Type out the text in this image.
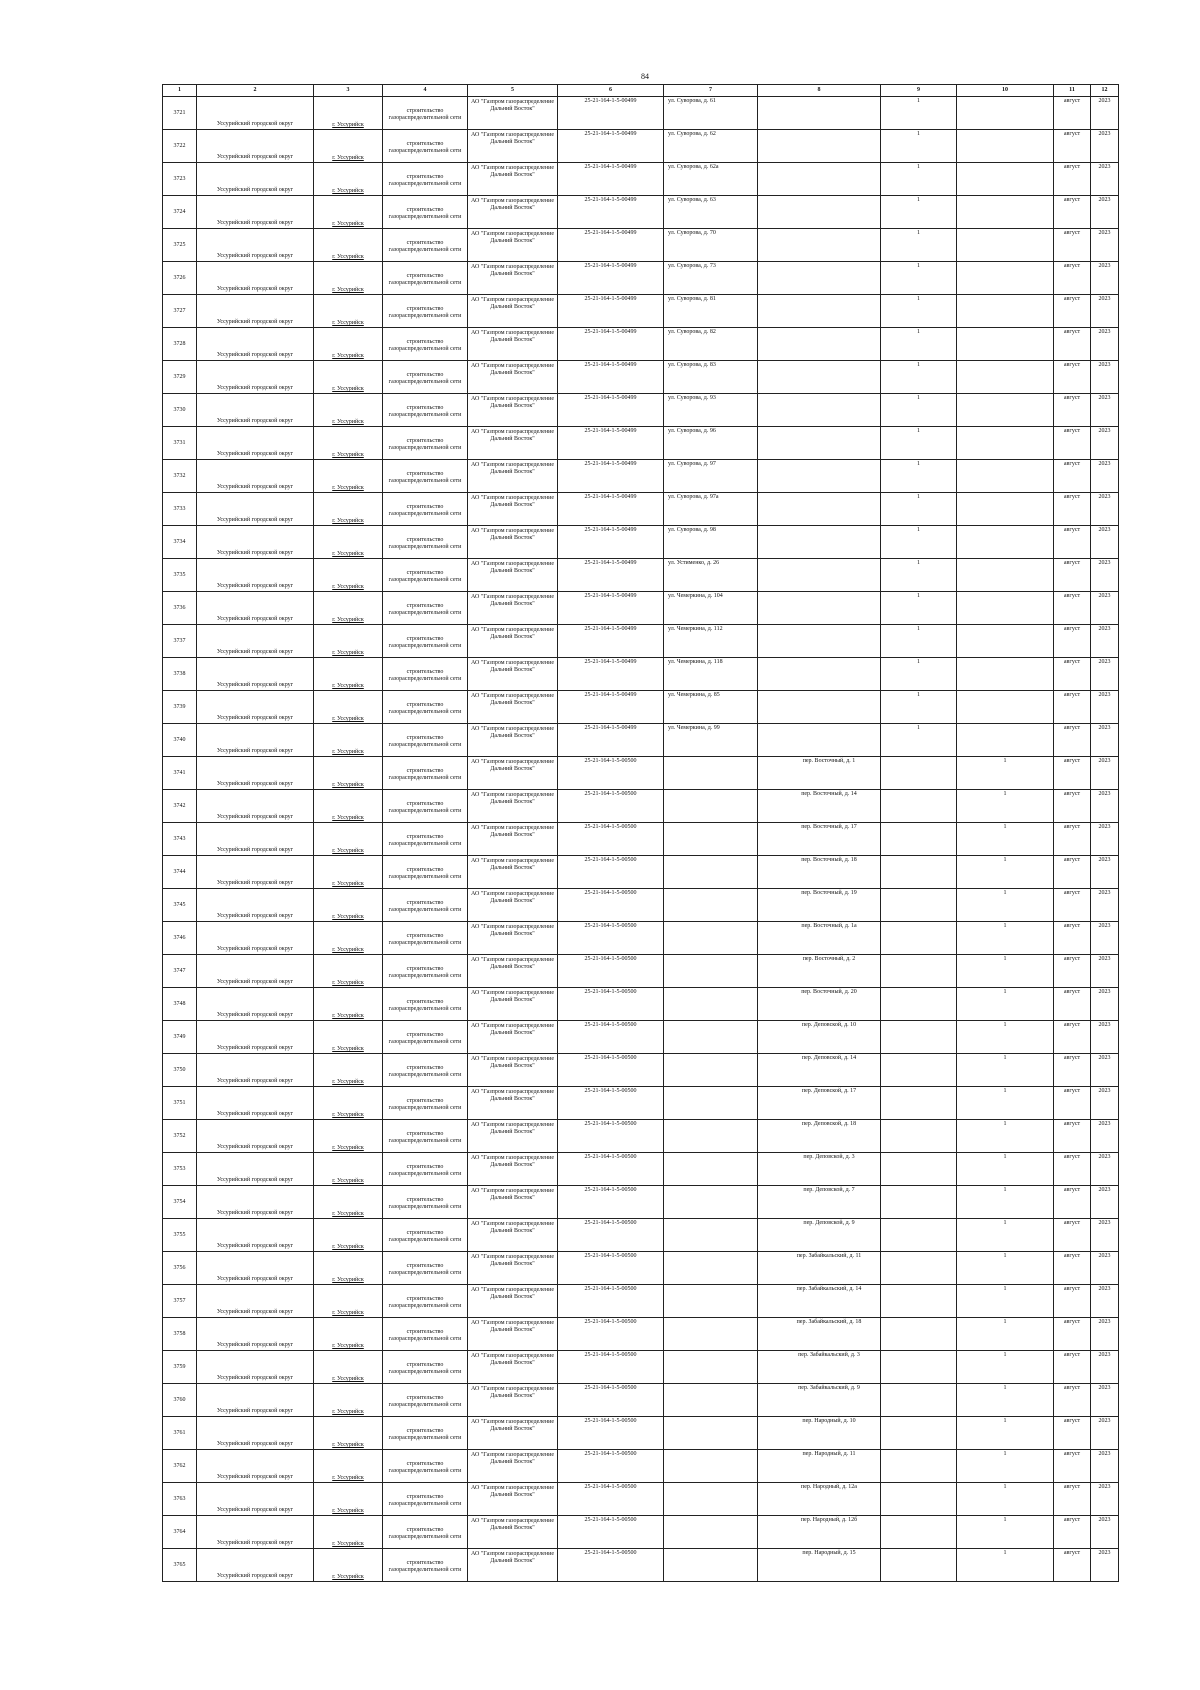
84
1	2	3	4	5	6	7	8	9	10	11	12
3721	Уссурийский городской округ	г. Уссурийск	строительство газораспределительной сети	АО "Газпром газораспределение Дальний Восток"	25-21-164-1-5-00499	ул. Суворова, д. 61		1		август	2023
3722	Уссурийский городской округ	г. Уссурийск	строительство газораспределительной сети	АО "Газпром газораспределение Дальний Восток"	25-21-164-1-5-00499	ул. Суворова, д. 62		1		август	2023
3723	Уссурийский городской округ	г. Уссурийск	строительство газораспределительной сети	АО "Газпром газораспределение Дальний Восток"	25-21-164-1-5-00499	ул. Суворова, д. 62а		1		август	2023
3724	Уссурийский городской округ	г. Уссурийск	строительство газораспределительной сети	АО "Газпром газораспределение Дальний Восток"	25-21-164-1-5-00499	ул. Суворова, д. 63		1		август	2023
3725	Уссурийский городской округ	г. Уссурийск	строительство газораспределительной сети	АО "Газпром газораспределение Дальний Восток"	25-21-164-1-5-00499	ул. Суворова, д. 70		1		август	2023
3726	Уссурийский городской округ	г. Уссурийск	строительство газораспределительной сети	АО "Газпром газораспределение Дальний Восток"	25-21-164-1-5-00499	ул. Суворова, д. 73		1		август	2023
3727	Уссурийский городской округ	г. Уссурийск	строительство газораспределительной сети	АО "Газпром газораспределение Дальний Восток"	25-21-164-1-5-00499	ул. Суворова, д. 81		1		август	2023
3728	Уссурийский городской округ	г. Уссурийск	строительство газораспределительной сети	АО "Газпром газораспределение Дальний Восток"	25-21-164-1-5-00499	ул. Суворова, д. 82		1		август	2023
3729	Уссурийский городской округ	г. Уссурийск	строительство газораспределительной сети	АО "Газпром газораспределение Дальний Восток"	25-21-164-1-5-00499	ул. Суворова, д. 83		1		август	2023
3730	Уссурийский городской округ	г. Уссурийск	строительство газораспределительной сети	АО "Газпром газораспределение Дальний Восток"	25-21-164-1-5-00499	ул. Суворова, д. 93		1		август	2023
3731	Уссурийский городской округ	г. Уссурийск	строительство газораспределительной сети	АО "Газпром газораспределение Дальний Восток"	25-21-164-1-5-00499	ул. Суворова, д. 96		1		август	2023
3732	Уссурийский городской округ	г. Уссурийск	строительство газораспределительной сети	АО "Газпром газораспределение Дальний Восток"	25-21-164-1-5-00499	ул. Суворова, д. 97		1		август	2023
3733	Уссурийский городской округ	г. Уссурийск	строительство газораспределительной сети	АО "Газпром газораспределение Дальний Восток"	25-21-164-1-5-00499	ул. Суворова, д. 97а		1		август	2023
3734	Уссурийский городской округ	г. Уссурийск	строительство газораспределительной сети	АО "Газпром газораспределение Дальний Восток"	25-21-164-1-5-00499	ул. Суворова, д. 98		1		август	2023
3735	Уссурийский городской округ	г. Уссурийск	строительство газораспределительной сети	АО "Газпром газораспределение Дальний Восток"	25-21-164-1-5-00499	ул. Устименко, д. 26		1		август	2023
3736	Уссурийский городской округ	г. Уссурийск	строительство газораспределительной сети	АО "Газпром газораспределение Дальний Восток"	25-21-164-1-5-00499	ул. Чемеркина, д. 104		1		август	2023
3737	Уссурийский городской округ	г. Уссурийск	строительство газораспределительной сети	АО "Газпром газораспределение Дальний Восток"	25-21-164-1-5-00499	ул. Чемеркина, д. 112		1		август	2023
3738	Уссурийский городской округ	г. Уссурийск	строительство газораспределительной сети	АО "Газпром газораспределение Дальний Восток"	25-21-164-1-5-00499	ул. Чемеркина, д. 118		1		август	2023
3739	Уссурийский городской округ	г. Уссурийск	строительство газораспределительной сети	АО "Газпром газораспределение Дальний Восток"	25-21-164-1-5-00499	ул. Чемеркина, д. 85		1		август	2023
3740	Уссурийский городской округ	г. Уссурийск	строительство газораспределительной сети	АО "Газпром газораспределение Дальний Восток"	25-21-164-1-5-00499	ул. Чемеркина, д. 99		1		август	2023
3741	Уссурийский городской округ	г. Уссурийск	строительство газораспределительной сети	АО "Газпром газораспределение Дальний Восток"	25-21-164-1-5-00500		пер. Восточный, д. 1		1	август	2023
3742	Уссурийский городской округ	г. Уссурийск	строительство газораспределительной сети	АО "Газпром газораспределение Дальний Восток"	25-21-164-1-5-00500		пер. Восточный, д. 14		1	август	2023
3743	Уссурийский городской округ	г. Уссурийск	строительство газораспределительной сети	АО "Газпром газораспределение Дальний Восток"	25-21-164-1-5-00500		пер. Восточный, д. 17		1	август	2023
3744	Уссурийский городской округ	г. Уссурийск	строительство газораспределительной сети	АО "Газпром газораспределение Дальний Восток"	25-21-164-1-5-00500		пер. Восточный, д. 18		1	август	2023
3745	Уссурийский городской округ	г. Уссурийск	строительство газораспределительной сети	АО "Газпром газораспределение Дальний Восток"	25-21-164-1-5-00500		пер. Восточный, д. 19		1	август	2023
3746	Уссурийский городской округ	г. Уссурийск	строительство газораспределительной сети	АО "Газпром газораспределение Дальний Восток"	25-21-164-1-5-00500		пер. Восточный, д. 1а		1	август	2023
3747	Уссурийский городской округ	г. Уссурийск	строительство газораспределительной сети	АО "Газпром газораспределение Дальний Восток"	25-21-164-1-5-00500		пер. Восточный, д. 2		1	август	2023
3748	Уссурийский городской округ	г. Уссурийск	строительство газораспределительной сети	АО "Газпром газораспределение Дальний Восток"	25-21-164-1-5-00500		пер. Восточный, д. 20		1	август	2023
3749	Уссурийский городской округ	г. Уссурийск	строительство газораспределительной сети	АО "Газпром газораспределение Дальний Восток"	25-21-164-1-5-00500		пер. Деповской, д. 10		1	август	2023
3750	Уссурийский городской округ	г. Уссурийск	строительство газораспределительной сети	АО "Газпром газораспределение Дальний Восток"	25-21-164-1-5-00500		пер. Деповской, д. 14		1	август	2023
3751	Уссурийский городской округ	г. Уссурийск	строительство газораспределительной сети	АО "Газпром газораспределение Дальний Восток"	25-21-164-1-5-00500		пер. Деповской, д. 17		1	август	2023
3752	Уссурийский городской округ	г. Уссурийск	строительство газораспределительной сети	АО "Газпром газораспределение Дальний Восток"	25-21-164-1-5-00500		пер. Деповской, д. 18		1	август	2023
3753	Уссурийский городской округ	г. Уссурийск	строительство газораспределительной сети	АО "Газпром газораспределение Дальний Восток"	25-21-164-1-5-00500		пер. Деповской, д. 3		1	август	2023
3754	Уссурийский городской округ	г. Уссурийск	строительство газораспределительной сети	АО "Газпром газораспределение Дальний Восток"	25-21-164-1-5-00500		пер. Деповской, д. 7		1	август	2023
3755	Уссурийский городской округ	г. Уссурийск	строительство газораспределительной сети	АО "Газпром газораспределение Дальний Восток"	25-21-164-1-5-00500		пер. Деповской, д. 9		1	август	2023
3756	Уссурийский городской округ	г. Уссурийск	строительство газораспределительной сети	АО "Газпром газораспределение Дальний Восток"	25-21-164-1-5-00500		пер. Забайкальский, д. 11		1	август	2023
3757	Уссурийский городской округ	г. Уссурийск	строительство газораспределительной сети	АО "Газпром газораспределение Дальний Восток"	25-21-164-1-5-00500		пер. Забайкальский, д. 14		1	август	2023
3758	Уссурийский городской округ	г. Уссурийск	строительство газораспределительной сети	АО "Газпром газораспределение Дальний Восток"	25-21-164-1-5-00500		пер. Забайкальский, д. 18		1	август	2023
3759	Уссурийский городской округ	г. Уссурийск	строительство газораспределительной сети	АО "Газпром газораспределение Дальний Восток"	25-21-164-1-5-00500		пер. Забайкальский, д. 3		1	август	2023
3760	Уссурийский городской округ	г. Уссурийск	строительство газораспределительной сети	АО "Газпром газораспределение Дальний Восток"	25-21-164-1-5-00500		пер. Забайкальский, д. 9		1	август	2023
3761	Уссурийский городской округ	г. Уссурийск	строительство газораспределительной сети	АО "Газпром газораспределение Дальний Восток"	25-21-164-1-5-00500		пер. Народный, д. 10		1	август	2023
3762	Уссурийский городской округ	г. Уссурийск	строительство газораспределительной сети	АО "Газпром газораспределение Дальний Восток"	25-21-164-1-5-00500		пер. Народный, д. 11		1	август	2023
3763	Уссурийский городской округ	г. Уссурийск	строительство газораспределительной сети	АО "Газпром газораспределение Дальний Восток"	25-21-164-1-5-00500		пер. Народный, д. 12а		1	август	2023
3764	Уссурийский городской округ	г. Уссурийск	строительство газораспределительной сети	АО "Газпром газораспределение Дальний Восток"	25-21-164-1-5-00500		пер. Народный, д. 12б		1	август	2023
3765	Уссурийский городской округ	г. Уссурийск	строительство газораспределительной сети	АО "Газпром газораспределение Дальний Восток"	25-21-164-1-5-00500		пер. Народный, д. 15		1	август	2023
